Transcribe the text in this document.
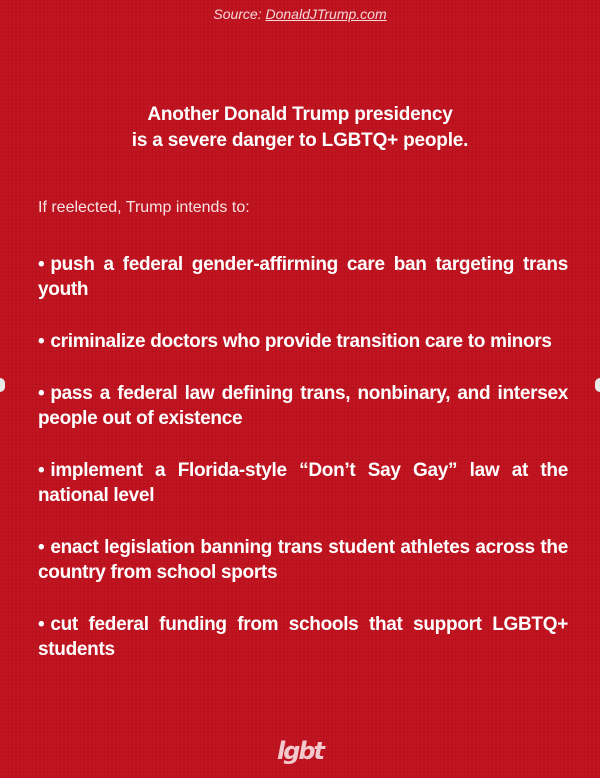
Source: DonaldJTrump.com
Another Donald Trump presidency
is a severe danger to LGBTQ+ people.
If reelected, Trump intends to:
• push a federal gender-affirming care ban targeting trans youth
• criminalize doctors who provide transition care to minors
• pass a federal law defining trans, nonbinary, and intersex people out of existence
• implement a Florida-style “Don’t Say Gay” law at the national level
• enact legislation banning trans student athletes across the country from school sports
• cut federal funding from schools that support LGBTQ+ students
lgbt
